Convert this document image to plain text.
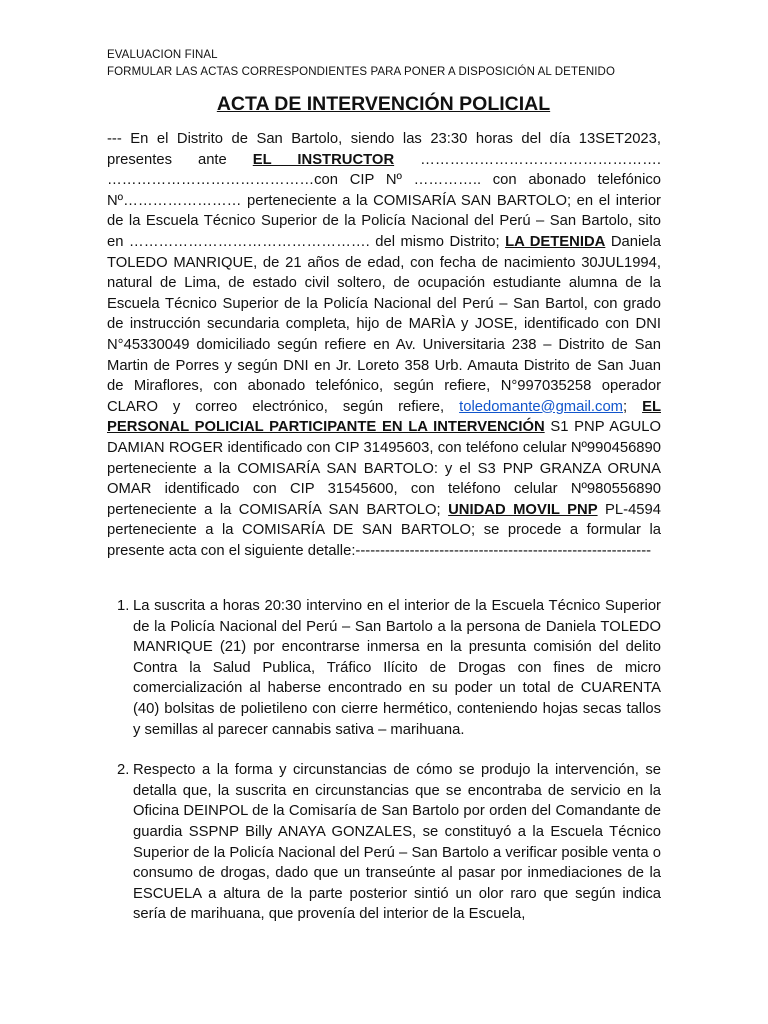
EVALUACION FINAL
FORMULAR LAS ACTAS CORRESPONDIENTES PARA PONER A DISPOSICIÓN AL DETENIDO
ACTA DE INTERVENCIÓN POLICIAL

--- En el Distrito de San Bartolo, siendo las 23:30 horas del día 13SET2023, presentes ante EL INSTRUCTOR …………………………………………. ……………………………………con CIP Nº ………….. con abonado telefónico Nº…………………… perteneciente a la COMISARÍA SAN BARTOLO; en el interior de la Escuela Técnico Superior de la Policía Nacional del Perú – San Bartolo, sito en …………………………………………. del mismo Distrito; LA DETENIDA Daniela TOLEDO MANRIQUE, de 21 años de edad, con fecha de nacimiento 30JUL1994, natural de Lima, de estado civil soltero, de ocupación estudiante alumna de la Escuela Técnico Superior de la Policía Nacional del Perú – San Bartol, con grado de instrucción secundaria completa, hijo de MARÌA y JOSE, identificado con DNI N°45330049 domiciliado según refiere en Av. Universitaria 238 – Distrito de San Martin de Porres y según DNI en Jr. Loreto 358 Urb. Amauta Distrito de San Juan de Miraflores, con abonado telefónico, según refiere, N°997035258 operador CLARO y correo electrónico, según refiere, toledomante@gmail.com; EL PERSONAL POLICIAL PARTICIPANTE EN LA INTERVENCIÓN S1 PNP AGULO DAMIAN ROGER identificado con CIP 31495603, con teléfono celular Nº990456890 perteneciente a la COMISARÍA SAN BARTOLO: y el S3 PNP GRANZA ORUNA OMAR identificado con CIP 31545600, con teléfono celular Nº980556890 perteneciente a la COMISARÍA SAN BARTOLO; UNIDAD MOVIL PNP PL-4594 perteneciente a la COMISARÍA DE SAN BARTOLO; se procede a formular la presente acta con el siguiente detalle:------------------------------------------------------------

1. La suscrita a horas 20:30 intervino en el interior de la Escuela Técnico Superior de la Policía Nacional del Perú – San Bartolo a la persona de Daniela TOLEDO MANRIQUE (21) por encontrarse inmersa en la presunta comisión del delito Contra la Salud Publica, Tráfico Ilícito de Drogas con fines de micro comercialización al haberse encontrado en su poder un total de CUARENTA (40) bolsitas de polietileno con cierre hermético, conteniendo hojas secas tallos y semillas al parecer cannabis sativa – marihuana.
2. Respecto a la forma y circunstancias de cómo se produjo la intervención, se detalla que, la suscrita en circunstancias que se encontraba de servicio en la Oficina DEINPOL de la Comisaría de San Bartolo por orden del Comandante de guardia SSPNP Billy ANAYA GONZALES, se constituyó a la Escuela Técnico Superior de la Policía Nacional del Perú – San Bartolo a verificar posible venta o consumo de drogas, dado que un transeúnte al pasar por inmediaciones de la ESCUELA a altura de la parte posterior sintió un olor raro que según indica sería de marihuana, que provenía del interior de la Escuela,
